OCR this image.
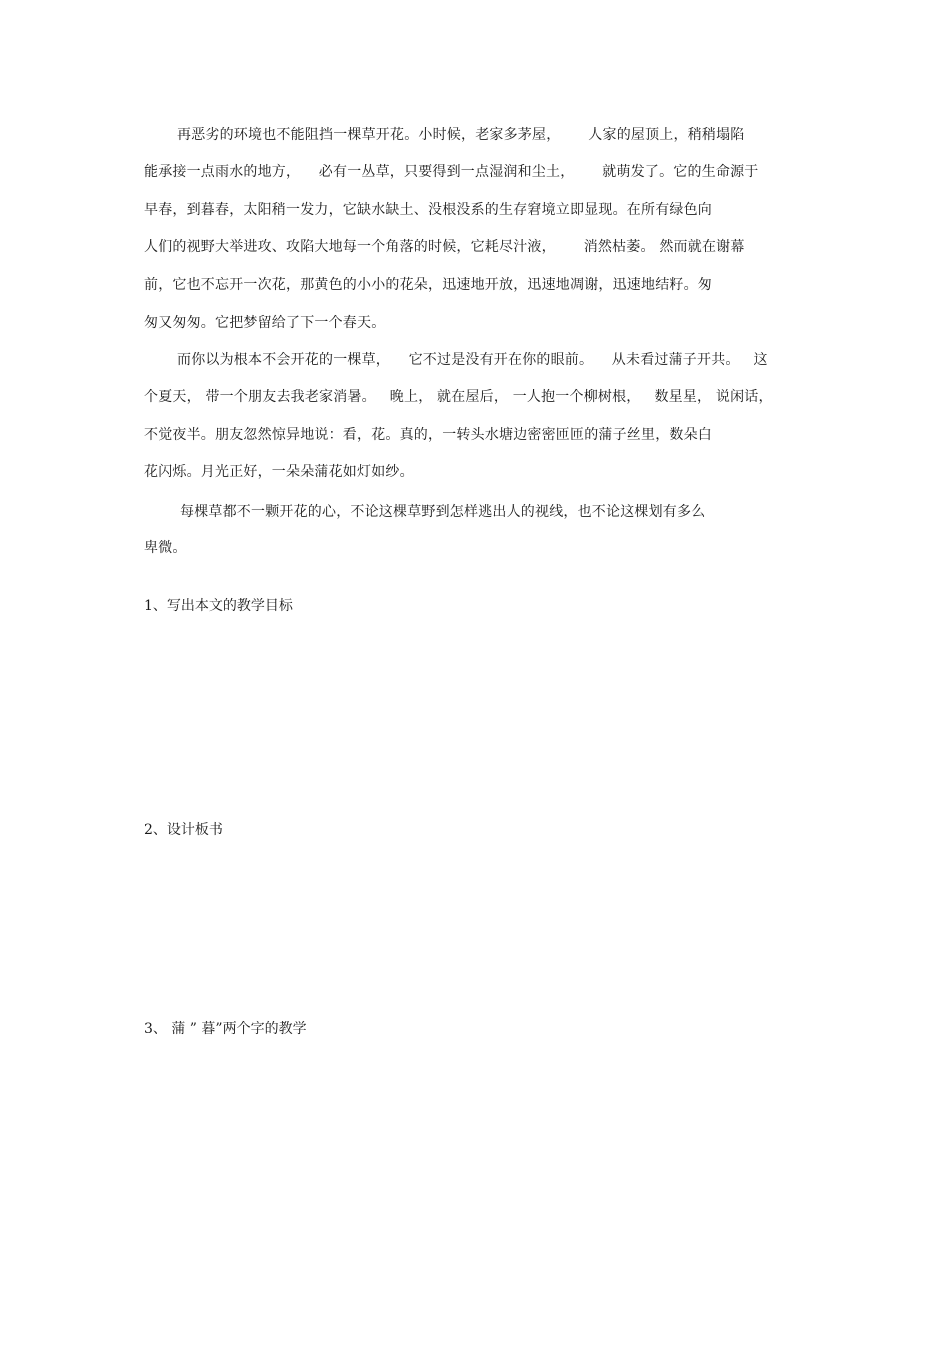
再恶劣的环境也不能阻挡一棵草开花。小时候，老家多茅屋，      人家的屋顶上，稍稍塌陷
能承接一点雨水的地方，    必有一丛草，只要得到一点湿润和尘土，      就萌发了。它的生命源于
早春，到暮春，太阳稍一发力，它缺水缺土、没根没系的生存窘境立即显现。在所有绿色向
人们的视野大举进攻、攻陷大地每一个角落的时候，它耗尽汁液，      消然枯萎。 然而就在谢幕
前，它也不忘开一次花，那黄色的小小的花朵，迅速地开放，迅速地凋谢，迅速地结籽。匆
匆又匆匆。它把梦留给了下一个春天。
而你以为根本不会开花的一棵草，    它不过是没有开在你的眼前。    从未看过蒲子开共。   这
个夏天， 带一个朋友去我老家消暑。   晚上， 就在屋后， 一人抱一个柳树根，   数星星， 说闲话，
不觉夜半。朋友忽然惊异地说：看，花。真的，一转头水塘边密密匝匝的蒲子丝里，数朵白
花闪烁。月光正好，一朵朵蒲花如灯如纱。
每棵草都不一颗开花的心，不论这棵草野到怎样逃出人的视线，也不论这棵划有多么
卑微。
1、写出本文的教学目标
2、设计板书
3、 蒲 ” 暮”两个字的教学
